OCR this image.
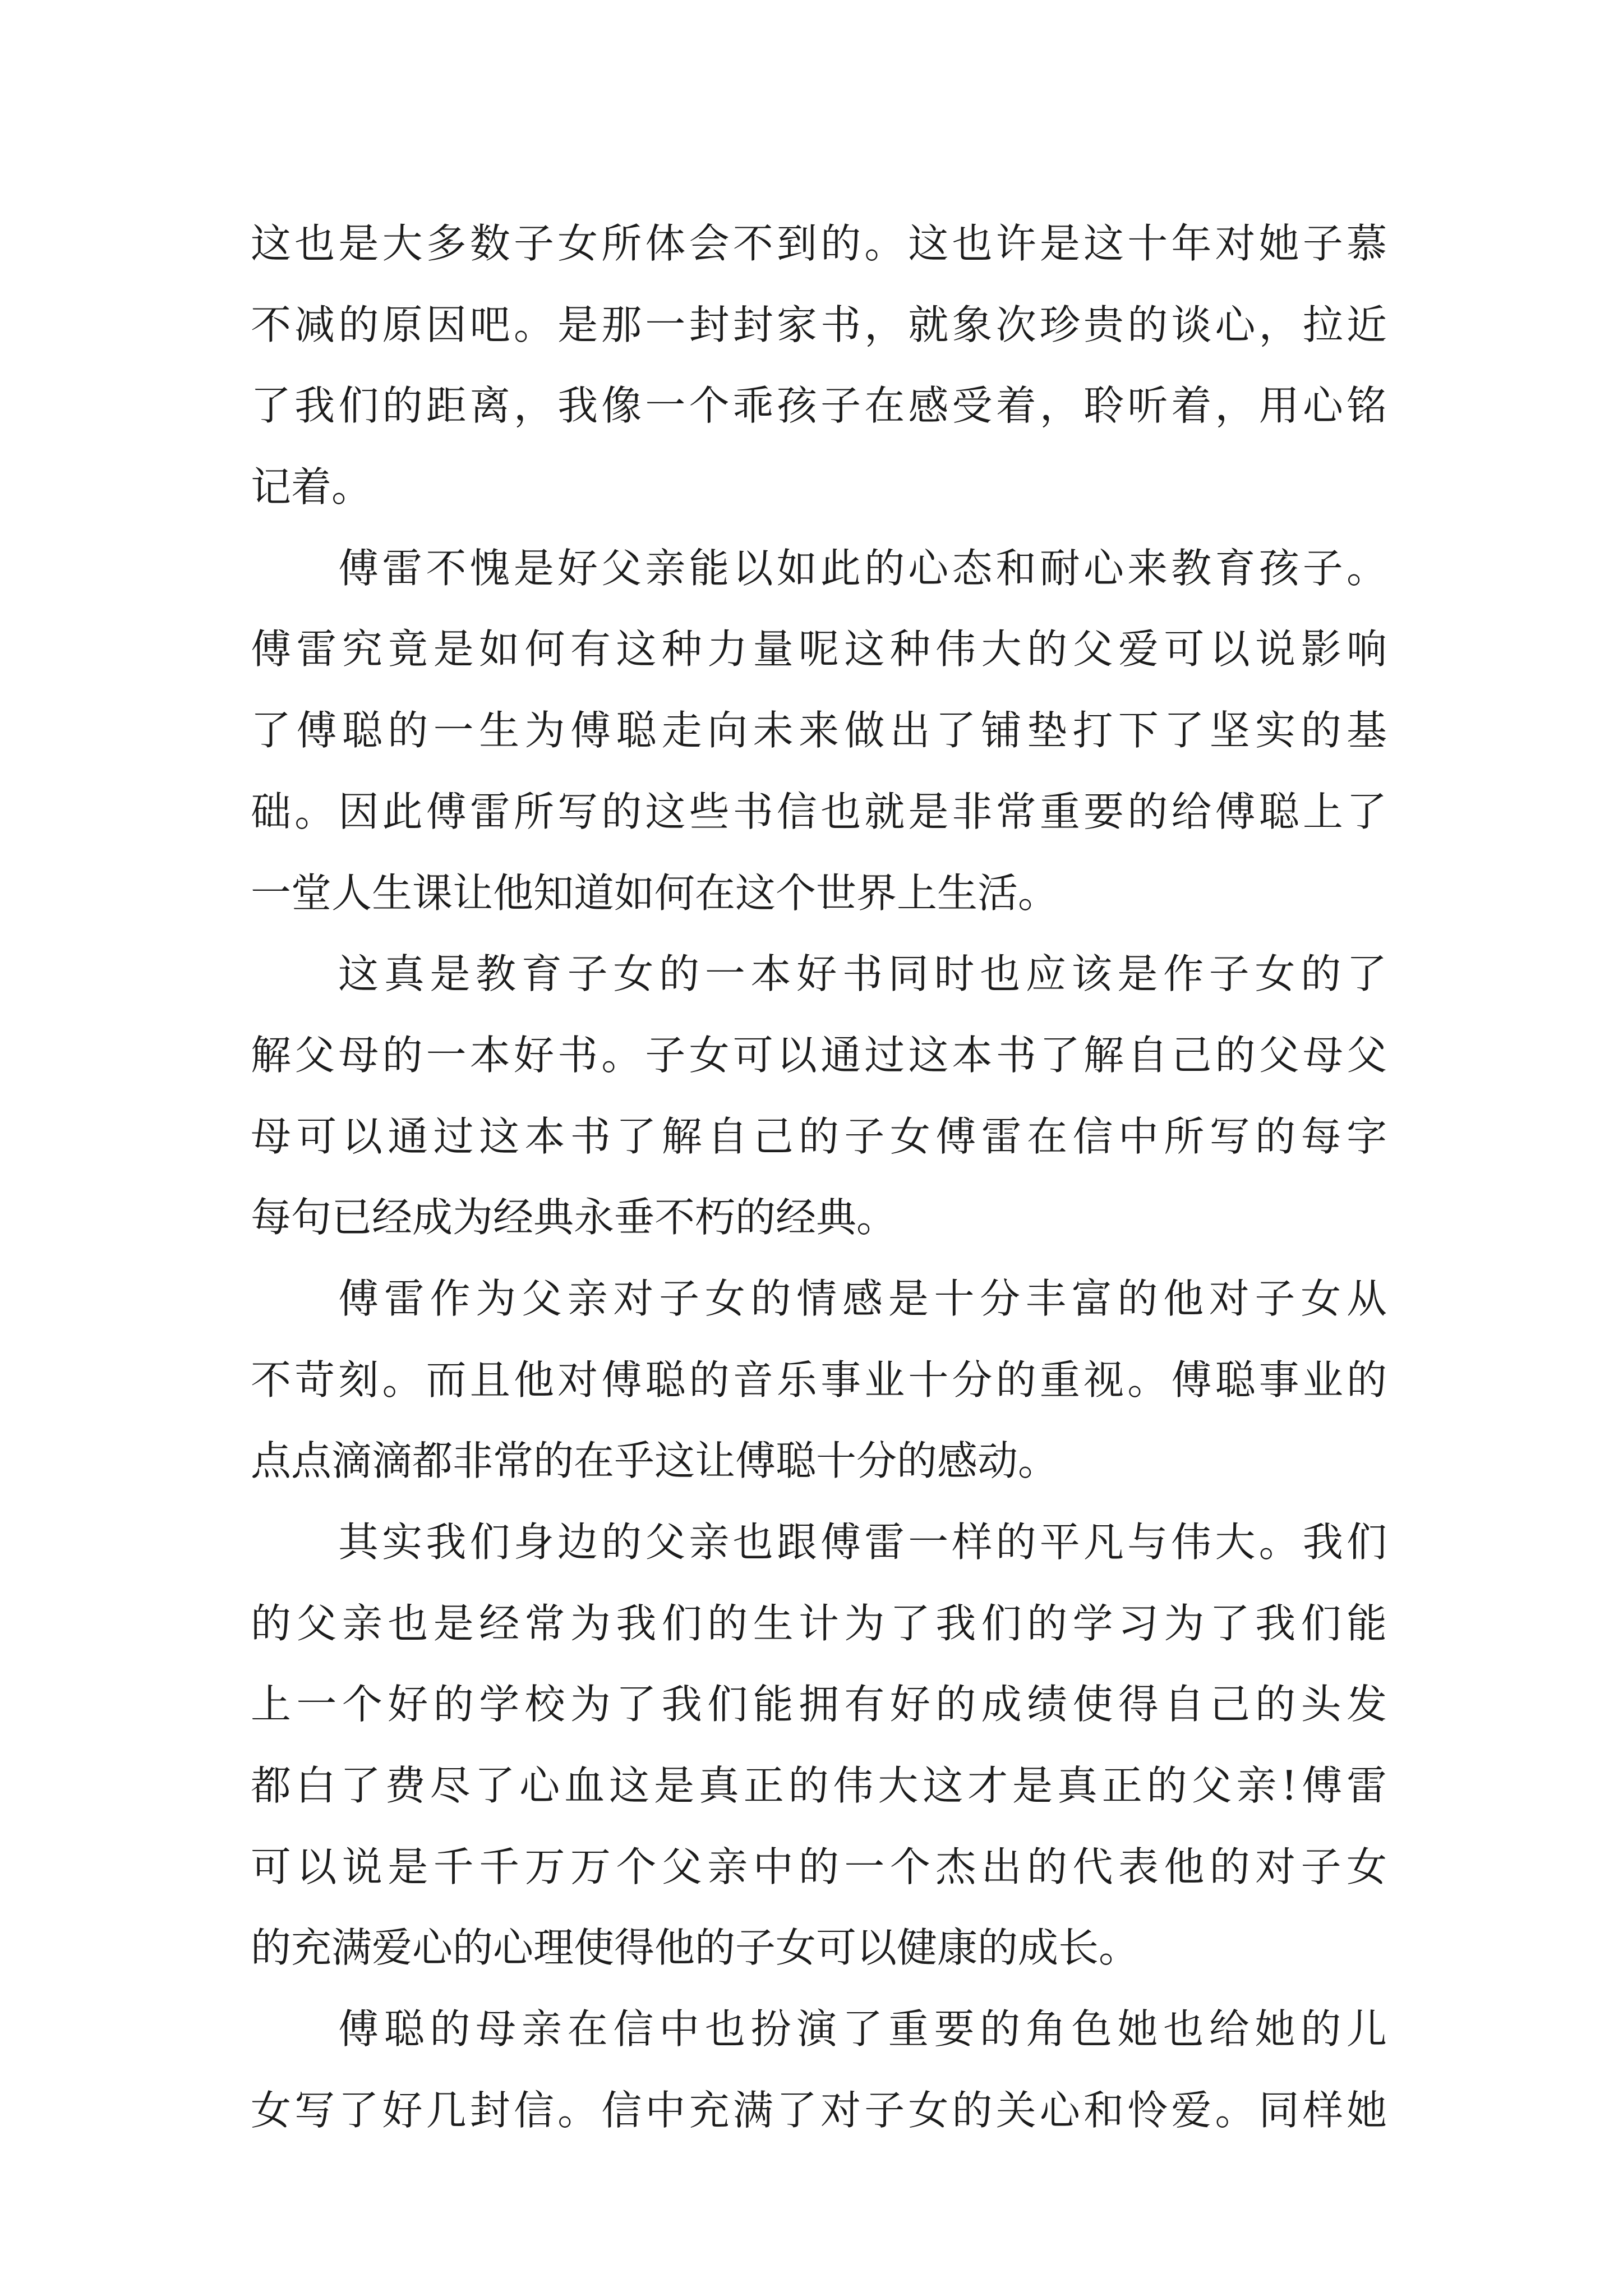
这也是大多数子女所体会不到的。这也许是这十年对她子慕
不减的原因吧。是那一封封家书，就象次珍贵的谈心，拉近
了我们的距离，我像一个乖孩子在感受着，聆听着，用心铭
记着。
傅雷不愧是好父亲能以如此的心态和耐心来教育孩子。
傅雷究竟是如何有这种力量呢这种伟大的父爱可以说影响
了傅聪的一生为傅聪走向未来做出了铺垫打下了坚实的基
础。因此傅雷所写的这些书信也就是非常重要的给傅聪上了
一堂人生课让他知道如何在这个世界上生活。
这真是教育子女的一本好书同时也应该是作子女的了
解父母的一本好书。子女可以通过这本书了解自己的父母父
母可以通过这本书了解自己的子女傅雷在信中所写的每字
每句已经成为经典永垂不朽的经典。
傅雷作为父亲对子女的情感是十分丰富的他对子女从
不苛刻。而且他对傅聪的音乐事业十分的重视。傅聪事业的
点点滴滴都非常的在乎这让傅聪十分的感动。
其实我们身边的父亲也跟傅雷一样的平凡与伟大。我们
的父亲也是经常为我们的生计为了我们的学习为了我们能
上一个好的学校为了我们能拥有好的成绩使得自己的头发
都白了费尽了心血这是真正的伟大这才是真正的父亲!傅雷
可以说是千千万万个父亲中的一个杰出的代表他的对子女
的充满爱心的心理使得他的子女可以健康的成长。
傅聪的母亲在信中也扮演了重要的角色她也给她的儿
女写了好几封信。信中充满了对子女的关心和怜爱。同样她
